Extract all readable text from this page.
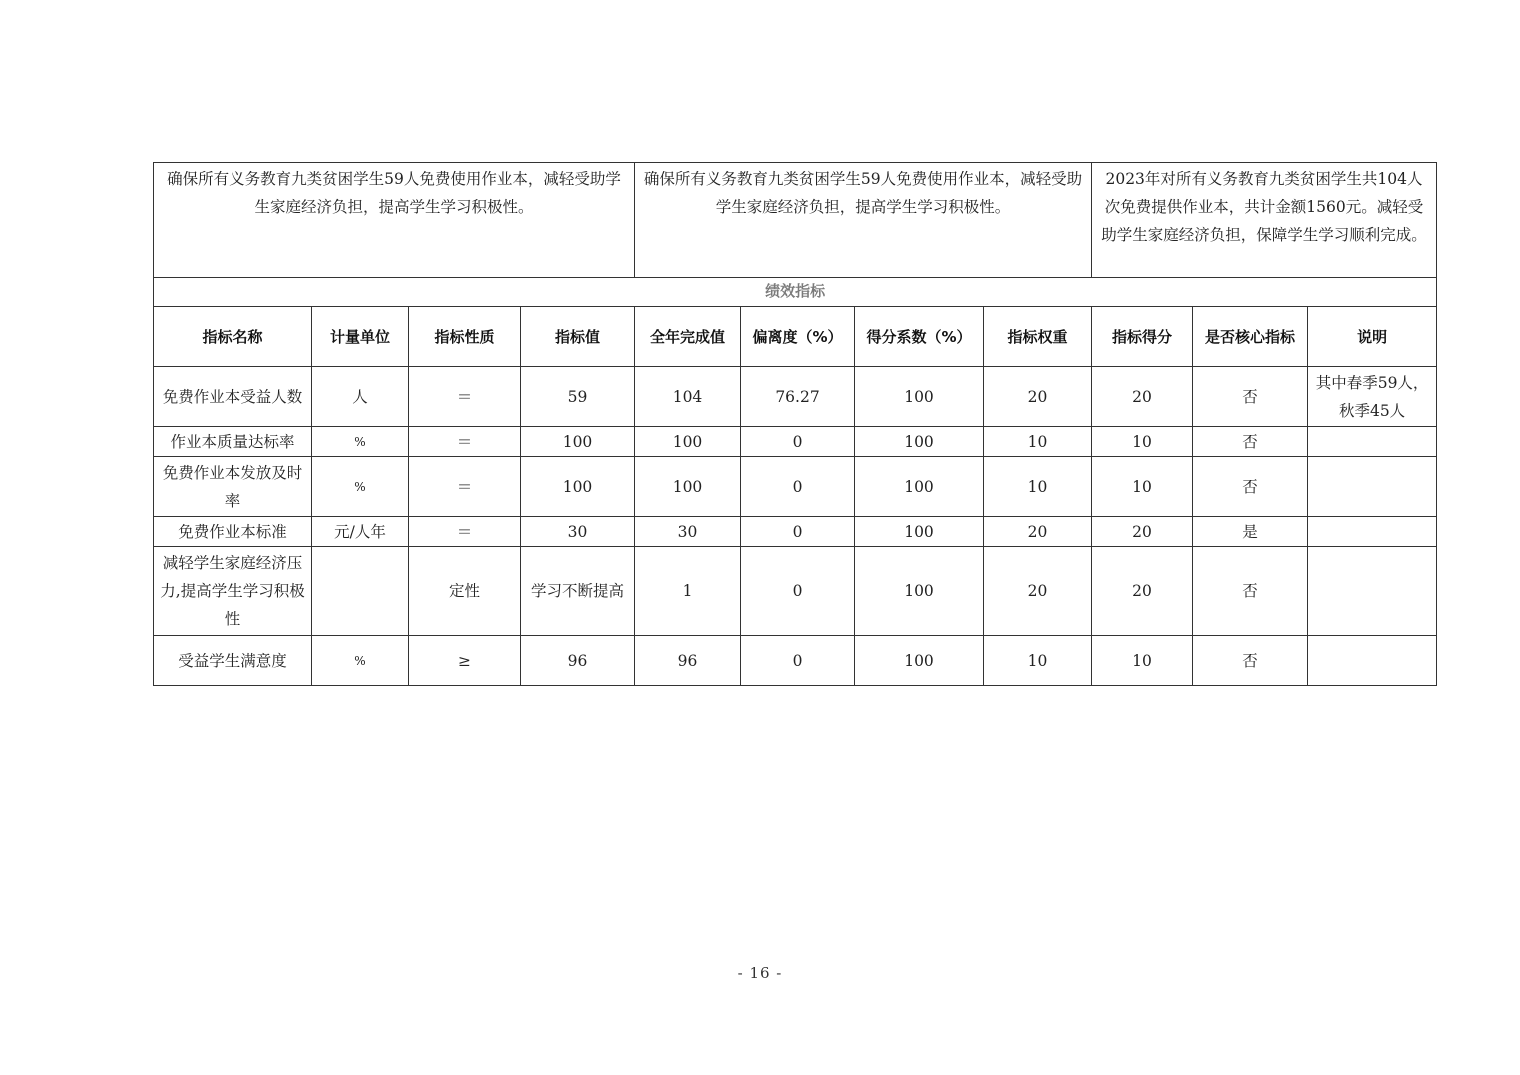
确保所有义务教育九类贫困学生59人免费使用作业本，减轻受助学生家庭经济负担，提高学生学习积极性。	确保所有义务教育九类贫困学生59人免费使用作业本，减轻受助学生家庭经济负担，提高学生学习积极性。	2023年对所有义务教育九类贫困学生共104人次免费提供作业本，共计金额1560元。减轻受助学生家庭经济负担，保障学生学习顺利完成。
绩效指标										
指标名称	计量单位	指标性质	指标值	全年完成值	偏离度（%）	得分系数（%）	指标权重	指标得分	是否核心指标	说明
免费作业本受益人数	人	＝	59	104	76.27	100	20	20	否	其中春季59人，秋季45人
作业本质量达标率	%	＝	100	100	0	100	10	10	否	
免费作业本发放及时率	%	＝	100	100	0	100	10	10	否	
免费作业本标准	元/人年	＝	30	30	0	100	20	20	是	
减轻学生家庭经济压力,提高学生学习积极性		定性	学习不断提高	1	0	100	20	20	否	
受益学生满意度	%	≥	96	96	0	100	10	10	否	
- 16 -
